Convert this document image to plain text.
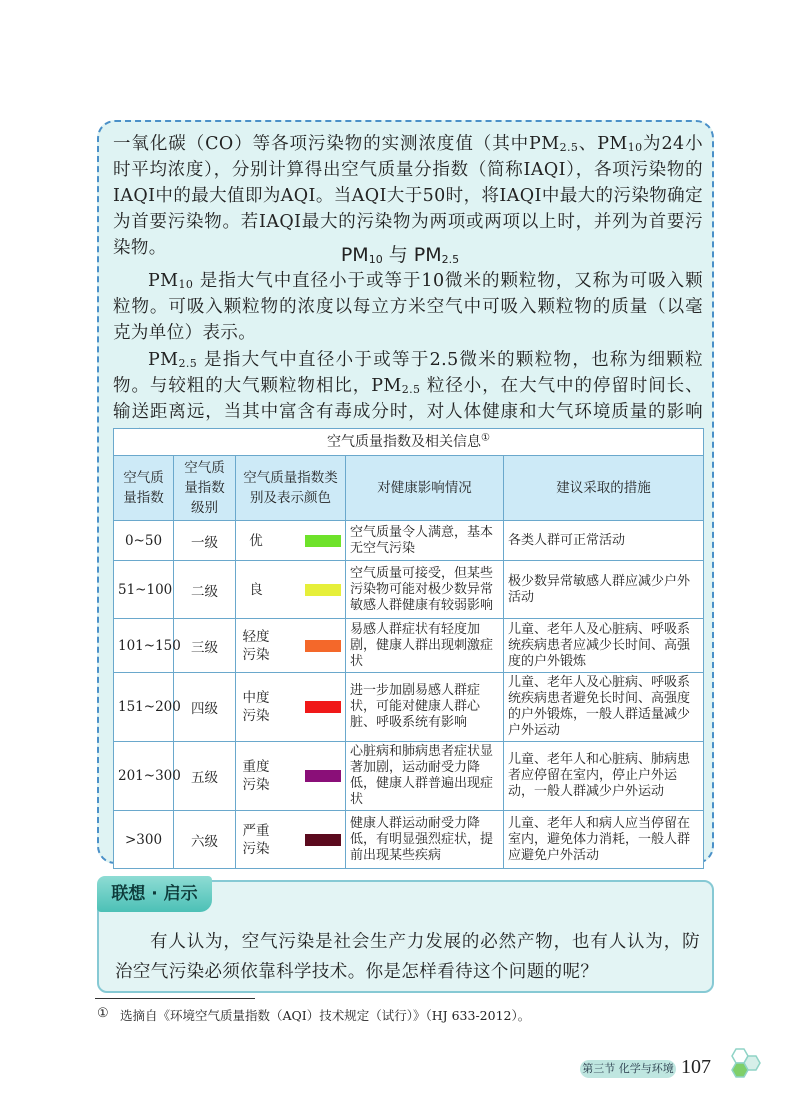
一氧化碳（CO）等各项污染物的实测浓度值（其中$PM_{2.5}$、$PM_{10}$为24小时平均浓度），分别计算得出空气质量分指数（简称IAQI），各项污染物的IAQI中的最大值即为AQI。当AQI大于50时，将IAQI中最大的污染物确定为首要污染物。若IAQI最大的污染物为两项或两项以上时，并列为首要污染物。	$PM_{10}$ 与 $PM_{2.5}$
$PM_{10}$ 是指大气中直径小于或等于10微米的颗粒物，又称为可吸入颗粒物。可吸入颗粒物的浓度以每立方米空气中可吸入颗粒物的质量（以毫克为单位）表示。
$PM_{2.5}$ 是指大气中直径小于或等于2.5微米的颗粒物，也称为细颗粒物。与较粗的大气颗粒物相比，$PM_{2.5}$ 粒径小，在大气中的停留时间长、输送距离远，当其中富含有毒成分时，对人体健康和大气环境质量的影响
空气质量指数及相关信息①
空气质量指数	空气质量指数级别	空气质量指数类别及表示颜色	对健康影响情况	建议采取的措施
0~50	一级	优	空气质量令人满意，基本无空气污染	各类人群可正常活动
51~100	二级	良	空气质量可接受，但某些污染物可能对极少数异常敏感人群健康有较弱影响	极少数异常敏感人群应减少户外活动
101~150	三级	轻度污染	易感人群症状有轻度加剧，健康人群出现刺激症状	儿童、老年人及心脏病、呼吸系统疾病患者应减少长时间、高强度的户外锻炼
151~200	四级	中度污染	进一步加剧易感人群症状，可能对健康人群心脏、呼吸系统有影响	儿童、老年人及心脏病、呼吸系统疾病患者避免长时间、高强度的户外锻炼，一般人群适量减少户外运动
201~300	五级	重度污染	心脏病和肺病患者症状显著加剧，运动耐受力降低，健康人群普遍出现症状	儿童、老年人和心脏病、肺病患者应停留在室内，停止户外运动，一般人群减少户外运动
>300	六级	严重污染	健康人群运动耐受力降低，有明显强烈症状，提前出现某些疾病	儿童、老年人和病人应当停留在室内，避免体力消耗，一般人群应避免户外活动
有人认为，空气污染是社会生产力发展的必然产物，也有人认为，防治空气污染必须依靠科学技术。你是怎样看待这个问题的呢？
联想 · 启示
① 选摘自《环境空气质量指数（AQI）技术规定（试行）》（HJ 633-2012）。
第三节 化学与环境 107
